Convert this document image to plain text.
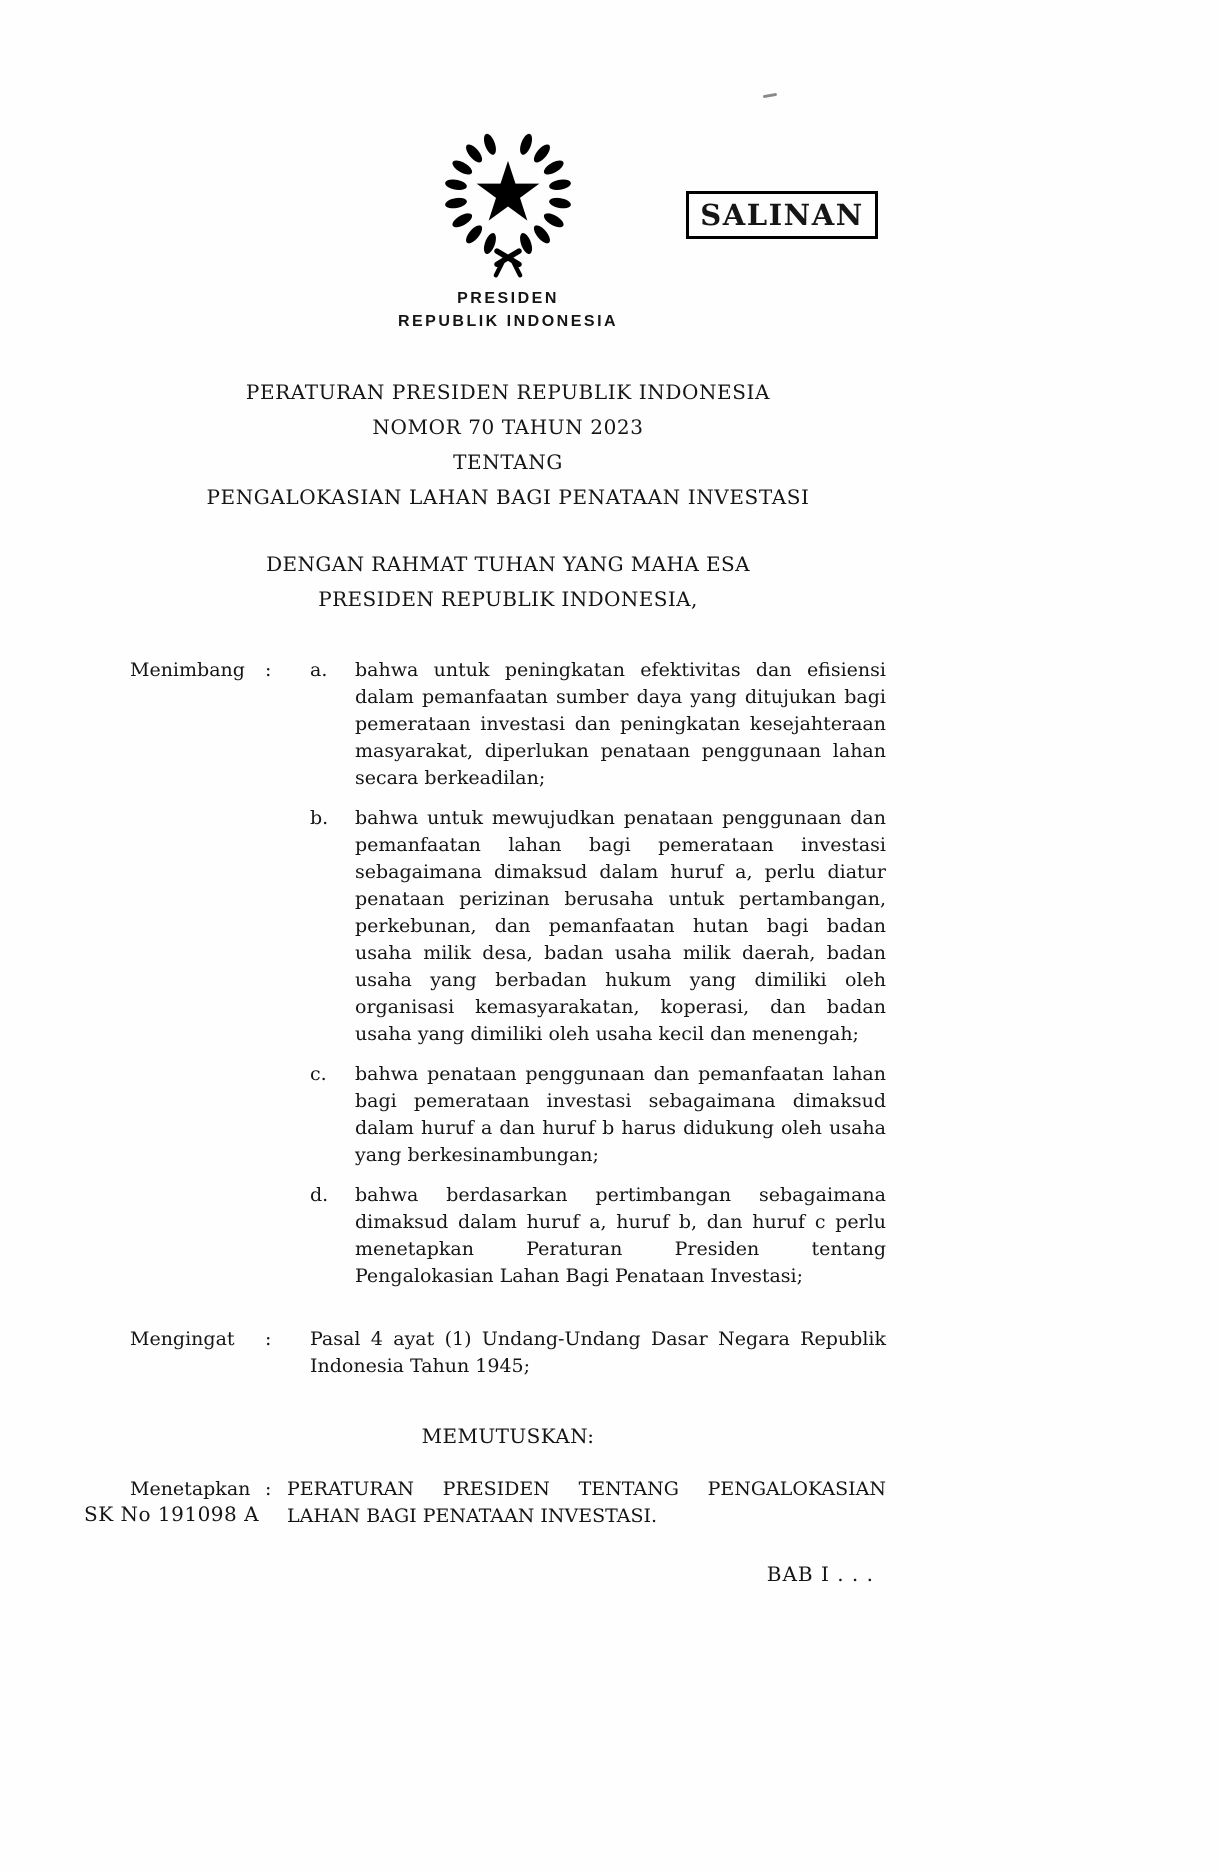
SALINAN
PRESIDEN
REPUBLIK INDONESIA
PERATURAN PRESIDEN REPUBLIK INDONESIA
NOMOR 70 TAHUN 2023
TENTANG
PENGALOKASIAN LAHAN BAGI PENATAAN INVESTASI
DENGAN RAHMAT TUHAN YANG MAHA ESA
PRESIDEN REPUBLIK INDONESIA,
Menimbang	:	a.	bahwa untuk peningkatan efektivitas dan efisiensi dalam pemanfaatan sumber daya yang ditujukan bagi pemerataan investasi dan peningkatan kesejahteraan masyarakat, diperlukan penataan penggunaan lahan secara berkeadilan;
b.	bahwa untuk mewujudkan penataan penggunaan dan pemanfaatan lahan bagi pemerataan investasi sebagaimana dimaksud dalam huruf a, perlu diatur penataan perizinan berusaha untuk pertambangan, perkebunan, dan pemanfaatan hutan bagi badan usaha milik desa, badan usaha milik daerah, badan usaha yang berbadan hukum yang dimiliki oleh organisasi kemasyarakatan, koperasi, dan badan usaha yang dimiliki oleh usaha kecil dan menengah;
c.	bahwa penataan penggunaan dan pemanfaatan lahan bagi pemerataan investasi sebagaimana dimaksud dalam huruf a dan huruf b harus didukung oleh usaha yang berkesinambungan;
d.	bahwa berdasarkan pertimbangan sebagaimana dimaksud dalam huruf a, huruf b, dan huruf c perlu menetapkan Peraturan Presiden tentang Pengalokasian Lahan Bagi Penataan Investasi;
Mengingat	:	Pasal 4 ayat (1) Undang-Undang Dasar Negara Republik Indonesia Tahun 1945;
MEMUTUSKAN:
Menetapkan : PERATURAN PRESIDEN TENTANG PENGALOKASIAN LAHAN BAGI PENATAAN INVESTASI.
BAB I . . .
SK No 191098 A
